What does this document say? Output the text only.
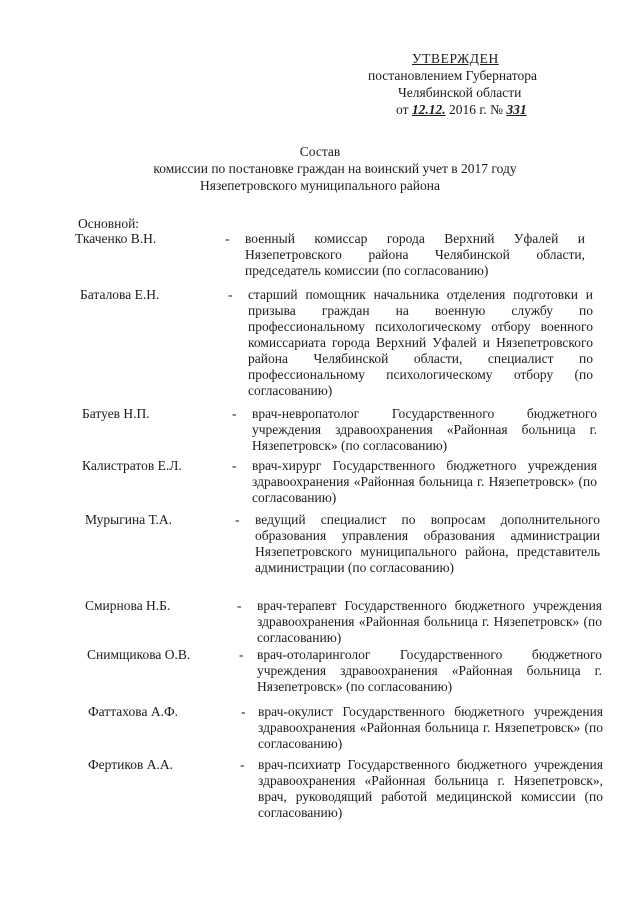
УТВЕРЖДЕН
постановлением Губернатора
Челябинской области
от 12.12. 2016 г. № 331
Состав
комиссии по постановке граждан на воинский учет в 2017 году
Нязепетровского муниципального района
Основной:
Ткаченко В.Н.	- военный комиссар города Верхний Уфалей и Нязепетровского района Челябинской области, председатель комиссии (по согласованию)
Баталова Е.Н.	- старший помощник начальника отделения подготовки и призыва граждан на военную службу по профессиональному психологическому отбору военного комиссариата города Верхний Уфалей и Нязепетровского района Челябинской области, специалист по профессиональному психологическому отбору (по согласованию)
Батуев Н.П.	- врач-невропатолог Государственного бюджетного учреждения здравоохранения «Районная больница г. Нязепетровск» (по согласованию)
Калистратов Е.Л.	- врач-хирург Государственного бюджетного учреждения здравоохранения «Районная больница г. Нязепетровск» (по согласованию)
Мурыгина Т.А.	- ведущий специалист по вопросам дополнительного образования управления образования администрации Нязепетровского муниципального района, представитель администрации (по согласованию)
Смирнова Н.Б.	- врач-терапевт Государственного бюджетного учреждения здравоохранения «Районная больница г. Нязепетровск» (по согласованию)
Снимщикова О.В.	- врач-отоларинголог Государственного бюджетного учреждения здравоохранения «Районная больница г. Нязепетровск» (по согласованию)
Фаттахова А.Ф.	- врач-окулист Государственного бюджетного учреждения здравоохранения «Районная больница г. Нязепетровск» (по согласованию)
Фертиков А.А.	- врач-психиатр Государственного бюджетного учреждения здравоохранения «Районная больница г. Нязепетровск», врач, руководящий работой медицинской комиссии (по согласованию)
